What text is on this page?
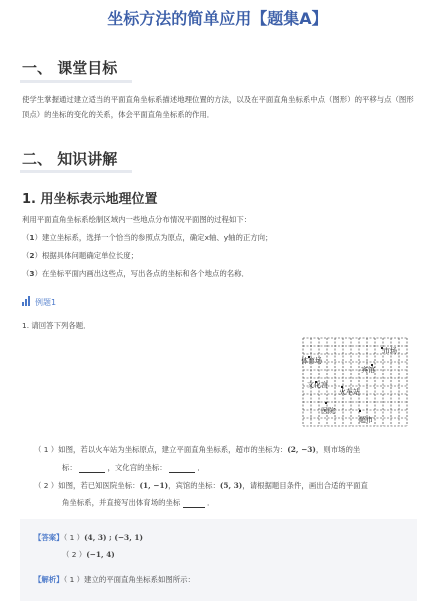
坐标方法的简单应用【题集A】
一、 课堂目标
使学生掌握通过建立适当的平面直角坐标系描述地理位置的方法，以及在平面直角坐标系中点（图形）的平移与点（图形顶点）的坐标的变化的关系，体会平面直角坐标系的作用．
二、 知识讲解
1. 用坐标表示地理位置
利用平面直角坐标系绘制区域内一些地点分布情况平面图的过程如下：
（1）建立坐标系，选择一个恰当的参照点为原点，确定x轴、y轴的正方向；
（2）根据具体问题确定单位长度；
（3）在坐标平面内画出这些点，写出各点的坐标和各个地点的名称．
例题1
1. 请回答下列各题．
市场
体育场
宾馆
文化宫
火车站
医院
超市
（ 1 ）如图，若以火车站为坐标原点，建立平面直角坐标系，超市的坐标为：(2, −3)，则市场的坐
标：	，文化宫的坐标：	．
（ 2 ）如图，若已知医院坐标：(1, −1)，宾馆的坐标：(5, 3)，请根据题目条件，画出合适的平面直
角坐标系，并直接写出体育场的坐标	．
【答案】（ 1 ）(4, 3) ; (−3, 1)
（ 2 ）(−1, 4)
【解析】（ 1 ）建立的平面直角坐标系如图所示：
